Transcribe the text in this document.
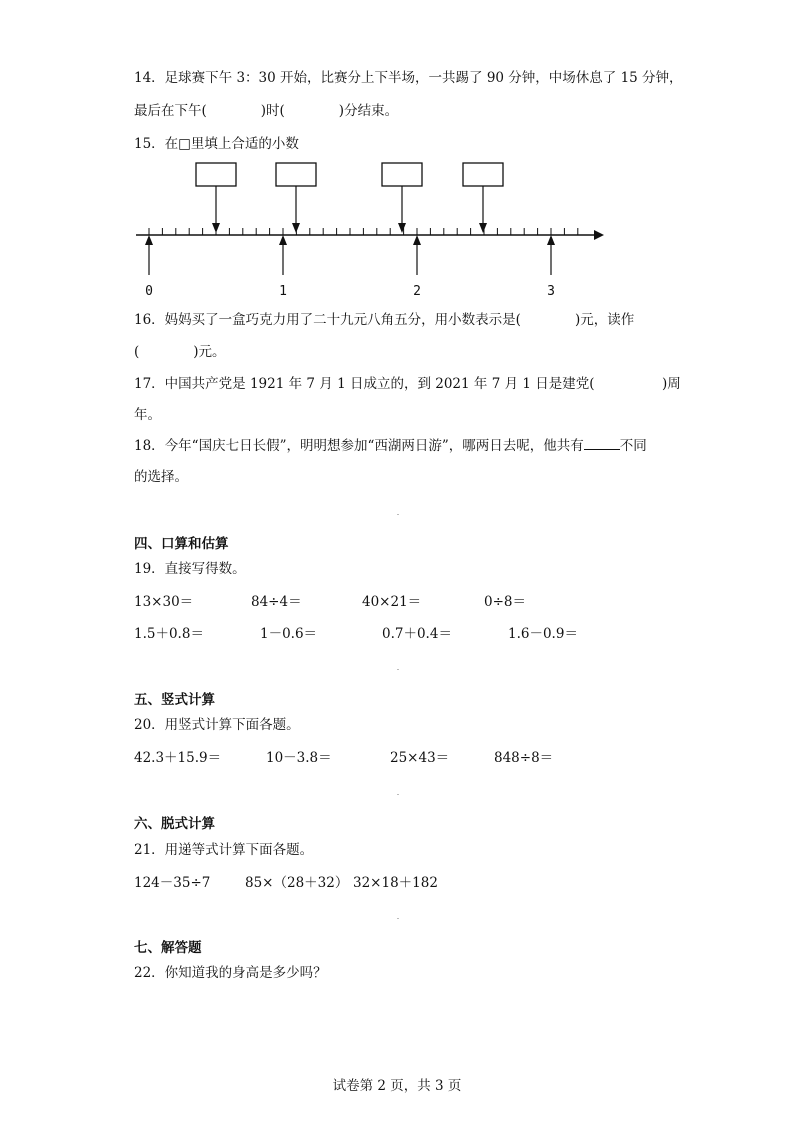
14．足球赛下午 3：30 开始，比赛分上下半场，一共踢了 90 分钟，中场休息了 15 分钟，
最后在下午(　　　　)时(　　　　)分结束。
15．在□里填上合适的小数
0	1	2	3
16．妈妈买了一盒巧克力用了二十九元八角五分，用小数表示是(　　　　)元，读作
(　　　　)元。
17．中国共产党是 1921 年 7 月 1 日成立的，到 2021 年 7 月 1 日是建党(　　　　　)周
年。
18．今年“国庆七日长假”，明明想参加“西湖两日游”，哪两日去呢，他共有	不同
的选择。
四、口算和估算
19．直接写得数。
13×30＝	84÷4＝	40×21＝	0÷8＝
1.5＋0.8＝	1－0.6＝	0.7＋0.4＝	1.6－0.9＝
五、竖式计算
20．用竖式计算下面各题。
42.3＋15.9＝	10－3.8＝	25×43＝	848÷8＝
六、脱式计算
21．用递等式计算下面各题。
124－35÷7	85×（28＋32） 32×18＋182
七、解答题
22．你知道我的身高是多少吗？
试卷第 2 页，共 3 页
